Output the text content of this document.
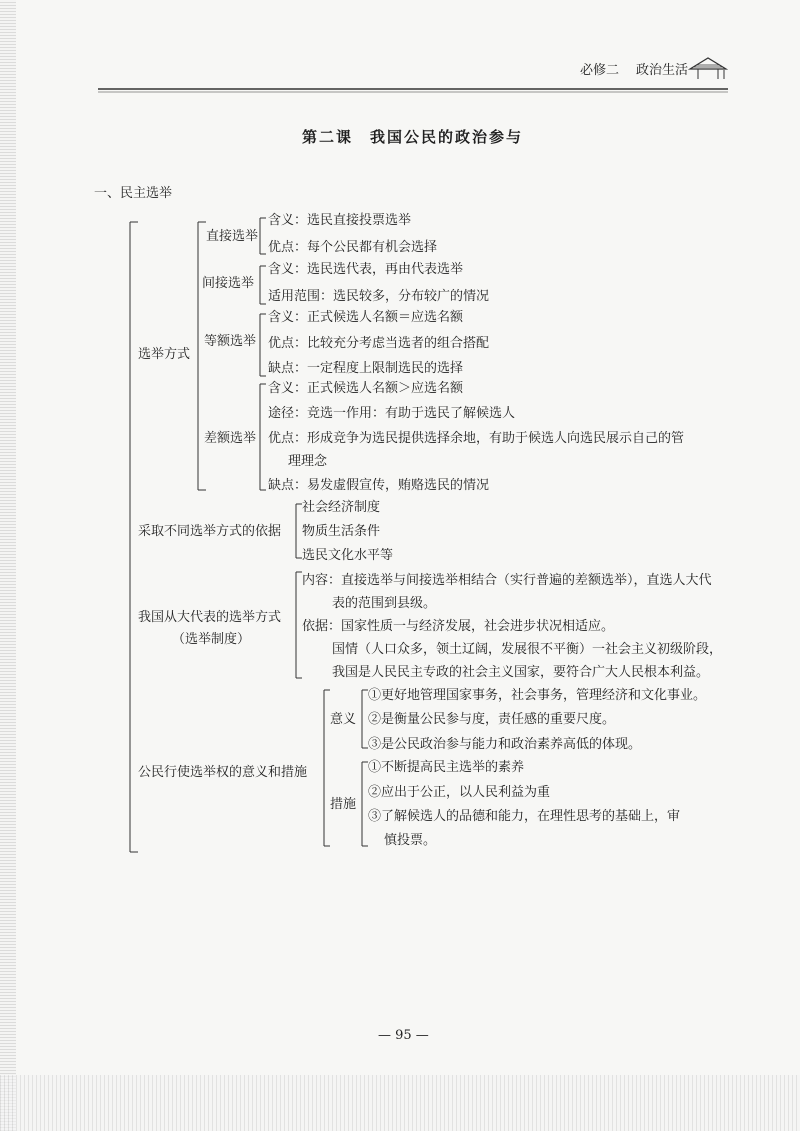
必修二 政治生活
第二课　我国公民的政治参与
一、民主选举
选举方式
直接选举
含义：选民直接投票选举
优点：每个公民都有机会选择
间接选举
含义：选民选代表，再由代表选举
适用范围：选民较多，分布较广的情况
等额选举
含义：正式候选人名额＝应选名额
优点：比较充分考虑当选者的组合搭配
缺点：一定程度上限制选民的选择
差额选举
含义：正式候选人名额＞应选名额
途径：竞选一作用：有助于选民了解候选人
优点：形成竞争为选民提供选择余地，有助于候选人向选民展示自己的管
理理念
缺点：易发虚假宣传，贿赂选民的情况
采取不同选举方式的依据
社会经济制度
物质生活条件
选民文化水平等
我国从大代表的选举方式
（选举制度）
内容：直接选举与间接选举相结合（实行普遍的差额选举），直选人大代
表的范围到县级。
依据：国家性质一与经济发展，社会进步状况相适应。
国情（人口众多，领土辽阔，发展很不平衡）一社会主义初级阶段，
我国是人民民主专政的社会主义国家，要符合广大人民根本利益。
公民行使选举权的意义和措施
意义
①更好地管理国家事务，社会事务，管理经济和文化事业。
②是衡量公民参与度，责任感的重要尺度。
③是公民政治参与能力和政治素养高低的体现。
措施
①不断提高民主选举的素养
②应出于公正，以人民利益为重
③了解候选人的品德和能力，在理性思考的基础上，审
慎投票。
— 95 —
